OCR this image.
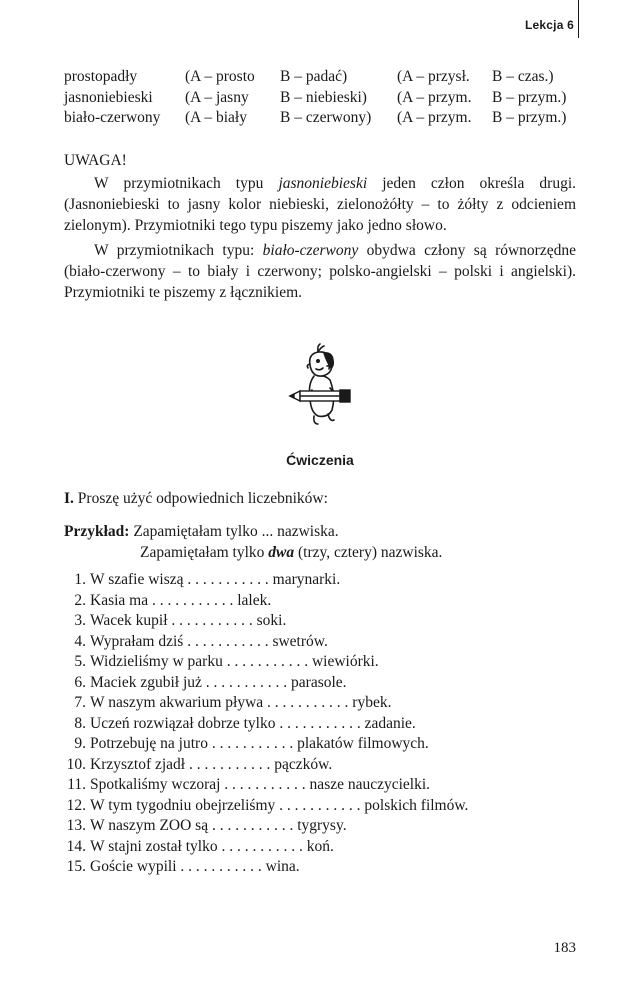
Lekcja 6
prostopadły	(A – prosto B – padać)	(A – przysł. B – czas.)
jasnoniebieski (A – jasny B – niebieski) (A – przym. B – przym.)
biało-czerwony (A – biały B – czerwony) (A – przym. B – przym.)
UWAGA!
W przymiotnikach typu jasnoniebieski jeden człon określa drugi. (Jasnoniebieski to jasny kolor niebieski, zielonożółty – to żółty z odcieniem zielonym). Przymiotniki tego typu piszemy jako jedno słowo.
W przymiotnikach typu: biało-czerwony obydwa człony są równorzędne (biało-czerwony – to biały i czerwony; polsko-angielski – polski i angielski). Przymiotniki te piszemy z łącznikiem.
Ćwiczenia
I. Proszę użyć odpowiednich liczebników:
Przykład: Zapamiętałam tylko ... nazwiska.
Zapamiętałam tylko dwa (trzy, cztery) nazwiska.
1. W szafie wiszą . . . . . . . . . . . marynarki.
2. Kasia ma . . . . . . . . . . . lalek.
3. Wacek kupił . . . . . . . . . . . soki.
4. Wyprałam dziś . . . . . . . . . . . swetrów.
5. Widzieliśmy w parku . . . . . . . . . . . wiewiórki.
6. Maciek zgubił już . . . . . . . . . . . parasole.
7. W naszym akwarium pływa . . . . . . . . . . . rybek.
8. Uczeń rozwiązał dobrze tylko . . . . . . . . . . . zadanie.
9. Potrzebuję na jutro . . . . . . . . . . . plakatów filmowych.
10. Krzysztof zjadł . . . . . . . . . . . pączków.
11. Spotkaliśmy wczoraj . . . . . . . . . . . nasze nauczycielki.
12. W tym tygodniu obejrzeliśmy . . . . . . . . . . . polskich filmów.
13. W naszym ZOO są . . . . . . . . . . . tygrysy.
14. W stajni został tylko . . . . . . . . . . . koń.
15. Goście wypili . . . . . . . . . . . wina.
183
